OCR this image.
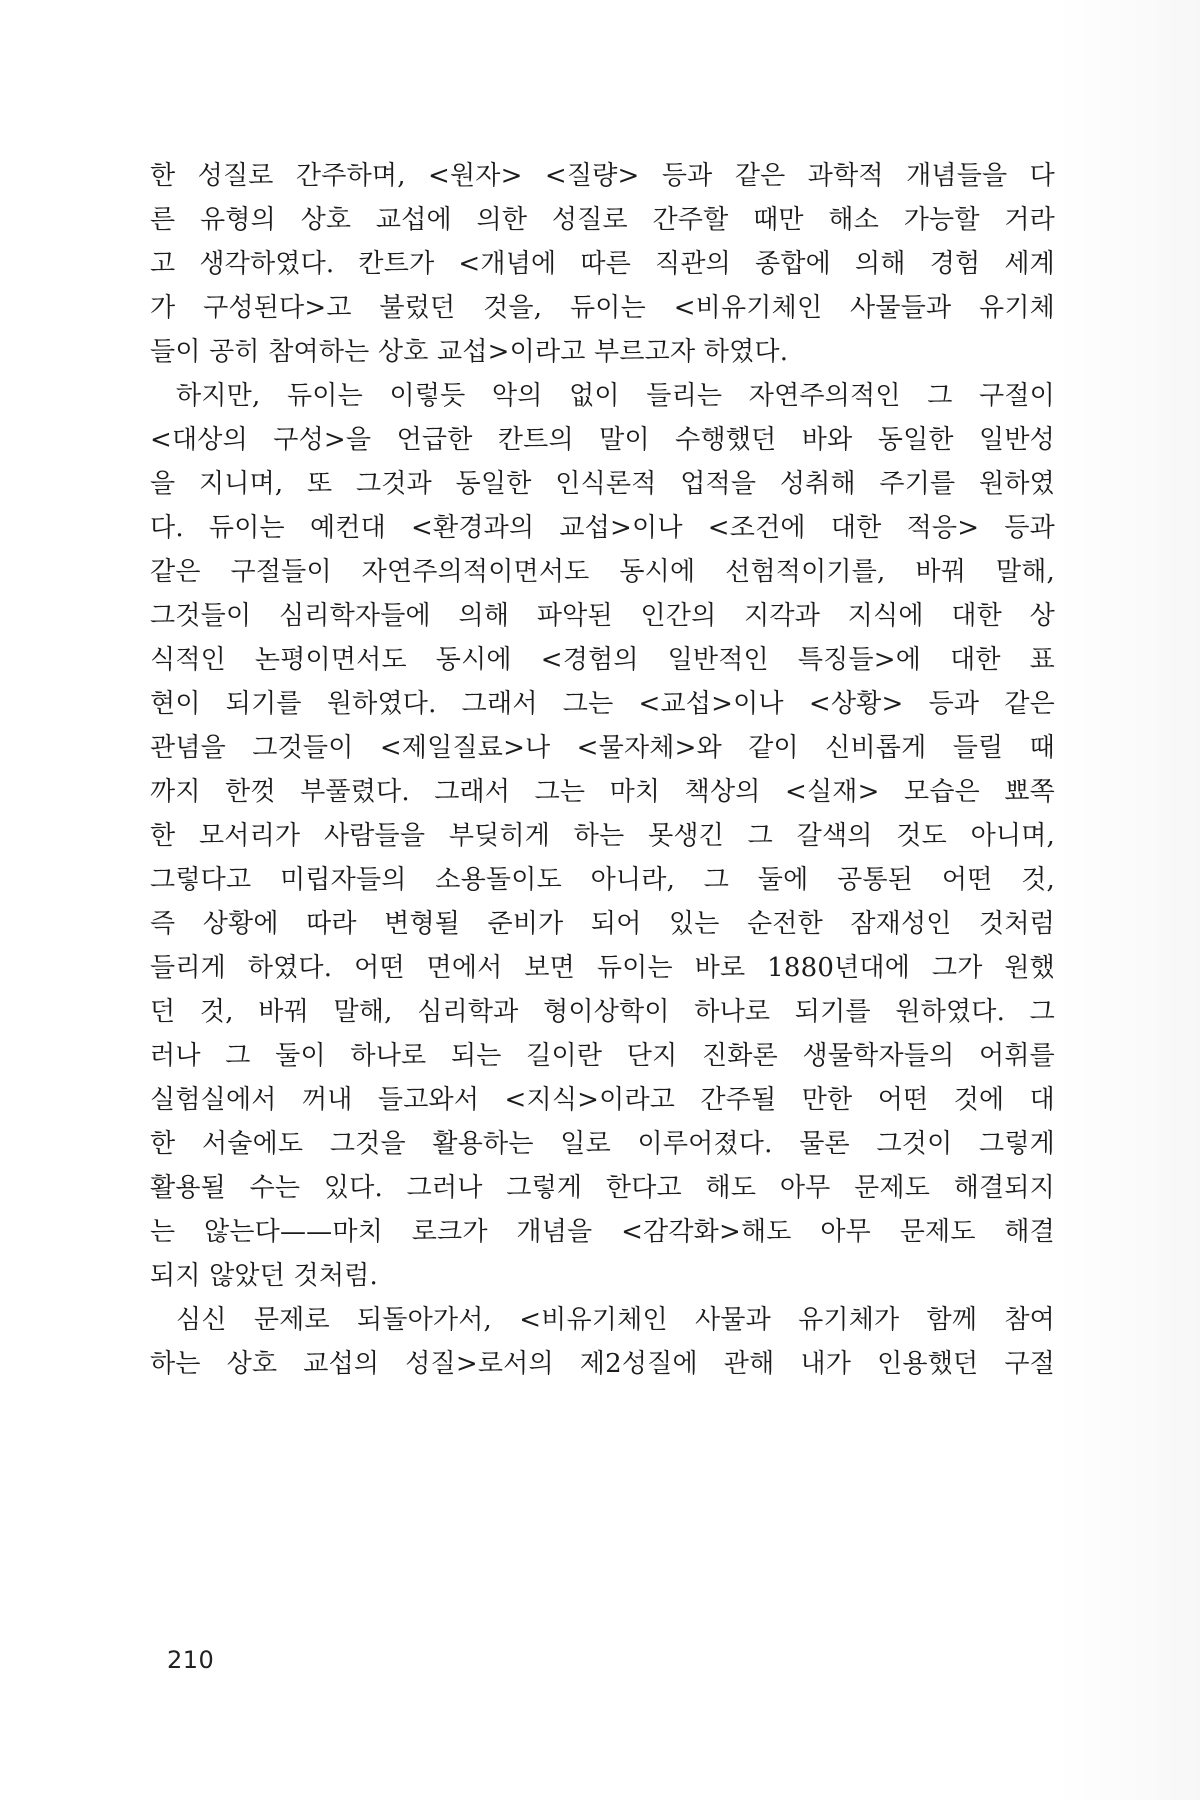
한 성질로 간주하며, <원자> <질량> 등과 같은 과학적 개념들을 다
른 유형의 상호 교섭에 의한 성질로 간주할 때만 해소 가능할 거라
고 생각하였다. 칸트가 <개념에 따른 직관의 종합에 의해 경험 세계
가 구성된다>고 불렀던 것을, 듀이는 <비유기체인 사물들과 유기체
들이 공히 참여하는 상호 교섭>이라고 부르고자 하였다.
하지만, 듀이는 이렇듯 악의 없이 들리는 자연주의적인 그 구절이
<대상의 구성>을 언급한 칸트의 말이 수행했던 바와 동일한 일반성
을 지니며, 또 그것과 동일한 인식론적 업적을 성취해 주기를 원하였
다. 듀이는 예컨대 <환경과의 교섭>이나 <조건에 대한 적응> 등과
같은 구절들이 자연주의적이면서도 동시에 선험적이기를, 바꿔 말해,
그것들이 심리학자들에 의해 파악된 인간의 지각과 지식에 대한 상
식적인 논평이면서도 동시에 <경험의 일반적인 특징들>에 대한 표
현이 되기를 원하였다. 그래서 그는 <교섭>이나 <상황> 등과 같은
관념을 그것들이 <제일질료>나 <물자체>와 같이 신비롭게 들릴 때
까지 한껏 부풀렸다. 그래서 그는 마치 책상의 <실재> 모습은 뾰쪽
한 모서리가 사람들을 부딪히게 하는 못생긴 그 갈색의 것도 아니며,
그렇다고 미립자들의 소용돌이도 아니라, 그 둘에 공통된 어떤 것,
즉 상황에 따라 변형될 준비가 되어 있는 순전한 잠재성인 것처럼
들리게 하였다. 어떤 면에서 보면 듀이는 바로 1880년대에 그가 원했
던 것, 바꿔 말해, 심리학과 형이상학이 하나로 되기를 원하였다. 그
러나 그 둘이 하나로 되는 길이란 단지 진화론 생물학자들의 어휘를
실험실에서 꺼내 들고와서 <지식>이라고 간주될 만한 어떤 것에 대
한 서술에도 그것을 활용하는 일로 이루어졌다. 물론 그것이 그렇게
활용될 수는 있다. 그러나 그렇게 한다고 해도 아무 문제도 해결되지
는 않는다——마치 로크가 개념을 <감각화>해도 아무 문제도 해결
되지 않았던 것처럼.
심신 문제로 되돌아가서, <비유기체인 사물과 유기체가 함께 참여
하는 상호 교섭의 성질>로서의 제2성질에 관해 내가 인용했던 구절
210
